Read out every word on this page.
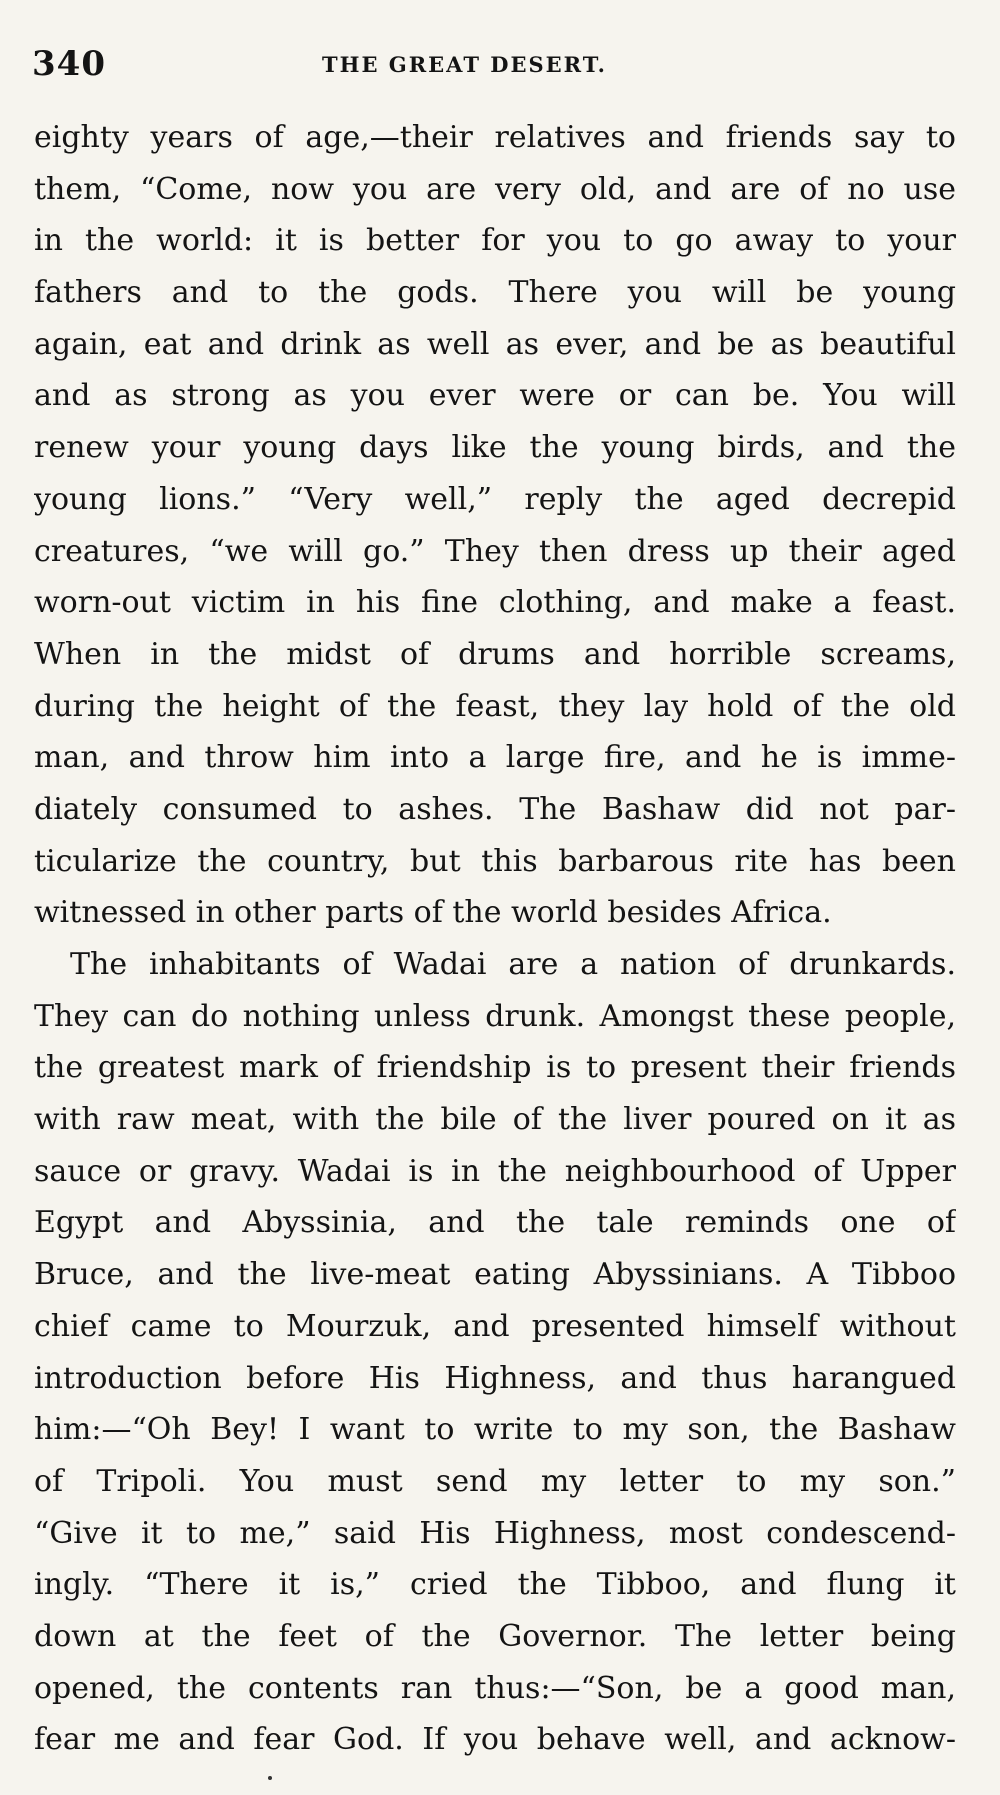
340	THE GREAT DESERT.
eighty years of age,—their relatives and friends say to
them, “Come, now you are very old, and are of no use
in the world: it is better for you to go away to your
fathers and to the gods. There you will be young
again, eat and drink as well as ever, and be as beautiful
and as strong as you ever were or can be. You will
renew your young days like the young birds, and the
young lions.” “Very well,” reply the aged decrepid
creatures, “we will go.” They then dress up their aged
worn-out victim in his fine clothing, and make a feast.
When in the midst of drums and horrible screams,
during the height of the feast, they lay hold of the old
man, and throw him into a large fire, and he is imme-
diately consumed to ashes. The Bashaw did not par-
ticularize the country, but this barbarous rite has been
witnessed in other parts of the world besides Africa.
The inhabitants of Wadai are a nation of drunkards.
They can do nothing unless drunk. Amongst these people,
the greatest mark of friendship is to present their friends
with raw meat, with the bile of the liver poured on it as
sauce or gravy. Wadai is in the neighbourhood of Upper
Egypt and Abyssinia, and the tale reminds one of
Bruce, and the live-meat eating Abyssinians. A Tibboo
chief came to Mourzuk, and presented himself without
introduction before His Highness, and thus harangued
him:—“Oh Bey! I want to write to my son, the Bashaw
of Tripoli. You must send my letter to my son.”
“Give it to me,” said His Highness, most condescend-
ingly. “There it is,” cried the Tibboo, and flung it
down at the feet of the Governor. The letter being
opened, the contents ran thus:—“Son, be a good man,
fear me and fear God. If you behave well, and acknow-
